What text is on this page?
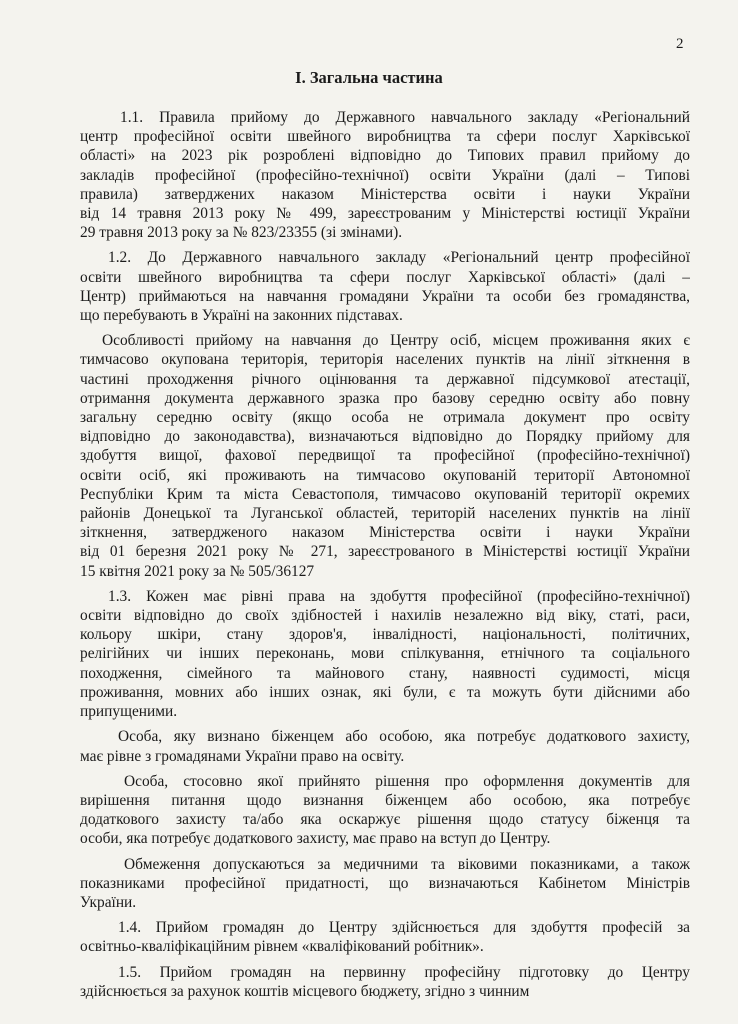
2
I. Загальна частина
1.1. Правила прийому до Державного навчального закладу «Регіональний
центр професійної освіти швейного виробництва та сфери послуг Харківської
області» на 2023 рік розроблені відповідно до Типових правил прийому до
закладів професійної (професійно-технічної) освіти України (далі – Типові
правила) затверджених наказом Міністерства освіти і науки України
від 14 травня 2013 року № 499, зареєстрованим у Міністерстві юстиції України
29 травня 2013 року за № 823/23355 (зі змінами).
1.2. До Державного навчального закладу «Регіональний центр професійної
освіти швейного виробництва та сфери послуг Харківської області» (далі –
Центр) приймаються на навчання громадяни України та особи без громадянства,
що перебувають в Україні на законних підставах.
Особливості прийому на навчання до Центру осіб, місцем проживання яких є
тимчасово окупована територія, територія населених пунктів на лінії зіткнення в
частині проходження річного оцінювання та державної підсумкової атестації,
отримання документа державного зразка про базову середню освіту або повну
загальну середню освіту (якщо особа не отримала документ про освіту
відповідно до законодавства), визначаються відповідно до Порядку прийому для
здобуття вищої, фахової передвищої та професійної (професійно-технічної)
освіти осіб, які проживають на тимчасово окупованій території Автономної
Республіки Крим та міста Севастополя, тимчасово окупованій території окремих
районів Донецької та Луганської областей, територій населених пунктів на лінії
зіткнення, затвердженого наказом Міністерства освіти і науки України
від 01 березня 2021 року № 271, зареєстрованого в Міністерстві юстиції України
15 квітня 2021 року за № 505/36127
1.3. Кожен має рівні права на здобуття професійної (професійно-технічної)
освіти відповідно до своїх здібностей і нахилів незалежно від віку, статі, раси,
кольору шкіри, стану здоров'я, інвалідності, національності, політичних,
релігійних чи інших переконань, мови спілкування, етнічного та соціального
походження, сімейного та майнового стану, наявності судимості, місця
проживання, мовних або інших ознак, які були, є та можуть бути дійсними або
припущеними.
Особа, яку визнано біженцем або особою, яка потребує додаткового захисту,
має рівне з громадянами України право на освіту.
Особа, стосовно якої прийнято рішення про оформлення документів для
вирішення питання щодо визнання біженцем або особою, яка потребує
додаткового захисту та/або яка оскаржує рішення щодо статусу біженця та
особи, яка потребує додаткового захисту, має право на вступ до Центру.
Обмеження допускаються за медичними та віковими показниками, а також
показниками професійної придатності, що визначаються Кабінетом Міністрів
України.
1.4. Прийом громадян до Центру здійснюється для здобуття професій за
освітньо-кваліфікаційним рівнем «кваліфікований робітник».
1.5. Прийом громадян на первинну професійну підготовку до Центру
здійснюється за рахунок коштів місцевого бюджету, згідно з чинним
